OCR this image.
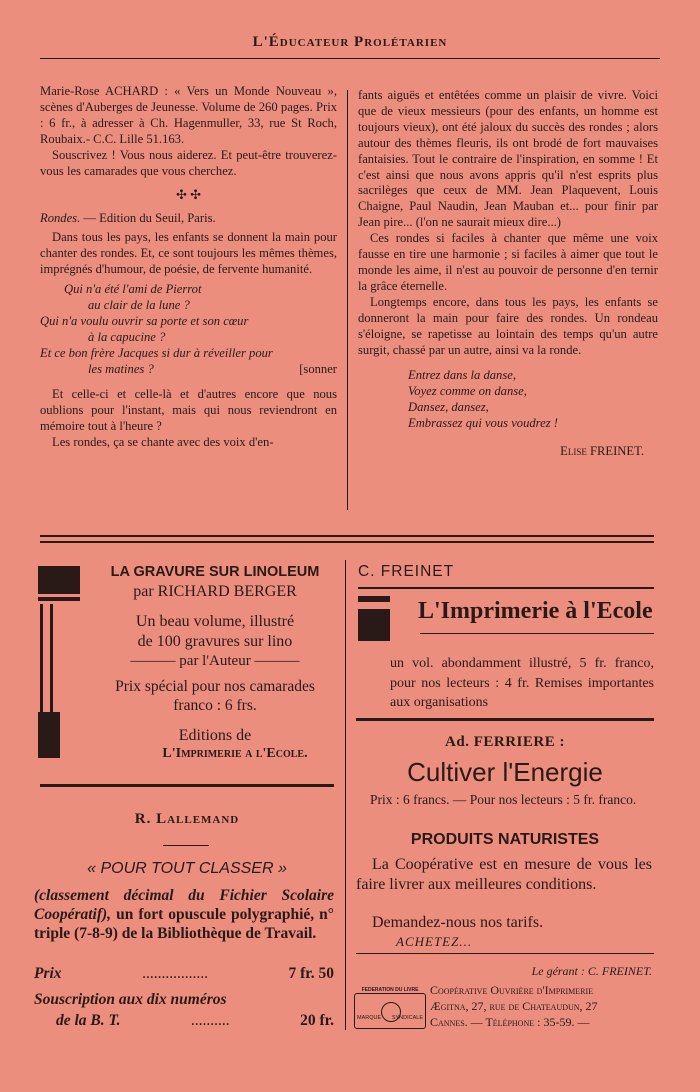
L'Éducateur Prolétarien

Marie-Rose ACHARD : « Vers un Monde Nouveau », scènes d'Auberges de Jeunesse. Volume de 260 pages. Prix : 6 fr., à adresser à Ch. Hagenmuller, 33, rue St Roch, Roubaix.- C.C. Lille 51.163.

Souscrivez ! Vous nous aiderez. Et peut-être trouverez-vous les camarades que vous cherchez.

✣ ✣

Rondes. — Edition du Seuil, Paris.

Dans tous les pays, les enfants se donnent la main pour chanter des rondes. Et, ce sont toujours les mêmes thèmes, imprégnés d'humour, de poésie, de fervente humanité.

Qui n'a été l'ami de Pierrot
au clair de la lune ?
Qui n'a voulu ouvrir sa porte et son cœur
à la capucine ?
Et ce bon frère Jacques si dur à réveiller pour
les matines ?	[sonner

Et celle-ci et celle-là et d'autres encore que nous oublions pour l'instant, mais qui nous reviendront en mémoire tout à l'heure ?

Les rondes, ça se chante avec des voix d'en-

fants aiguës et entêtées comme un plaisir de vivre. Voici que de vieux messieurs (pour des enfants, un homme est toujours vieux), ont été jaloux du succès des rondes ; alors autour des thèmes fleuris, ils ont brodé de fort mauvaises fantaisies. Tout le contraire de l'inspiration, en somme ! Et c'est ainsi que nous avons appris qu'il n'est esprits plus sacrilèges que ceux de MM. Jean Plaquevent, Louis Chaigne, Paul Naudin, Jean Mauban et... pour finir par Jean pire... (l'on ne saurait mieux dire...)

Ces rondes si faciles à chanter que même une voix fausse en tire une harmonie ; si faciles à aimer que tout le monde les aime, il n'est au pouvoir de personne d'en ternir la grâce éternelle.

Longtemps encore, dans tous les pays, les enfants se donneront la main pour faire des rondes. Un rondeau s'éloigne, se rapetisse au lointain des temps qu'un autre surgit, chassé par un autre, ainsi va la ronde.

Entrez dans la danse,
Voyez comme on danse,
Dansez, dansez,
Embrassez qui vous voudrez !

Elise FREINET.

LA GRAVURE SUR LINOLEUM
par RICHARD BERGER
Un beau volume, illustré
de 100 gravures sur lino
——— par l'Auteur ———
Prix spécial pour nos camarades
franco : 6 frs.
Editions de
L'Imprimerie a l'Ecole.
C. FREINET
L'Imprimerie à l'Ecole
un vol. abondamment illustré, 5 fr. franco, pour nos lecteurs : 4 fr. Remises importantes aux organisations
Ad. FERRIERE :
Cultiver l'Energie
Prix : 6 francs. — Pour nos lecteurs : 5 fr. franco.
PRODUITS NATURISTES
La Coopérative est en mesure de vous les faire livrer aux meilleures conditions.
Demandez-nous nos tarifs.
ACHETEZ...
R. Lallemand
« POUR TOUT CLASSER »
(classement décimal du Fichier Scolaire Coopératif), un fort opuscule polygraphié, n° triple (7-8-9) de la Bibliothèque de Travail.
Prix	.................	7 fr. 50
Souscription aux dix numéros
de la B. T.	..........	20 fr.
Le gérant : C. FREINET.
FEDERATION DU LIVRE
MARQUE SYNDICALE
Coopérative Ouvrière d'Imprimerie
Ægitna, 27, rue de Chateaudun, 27
Cannes. — Téléphone : 35-59. —
